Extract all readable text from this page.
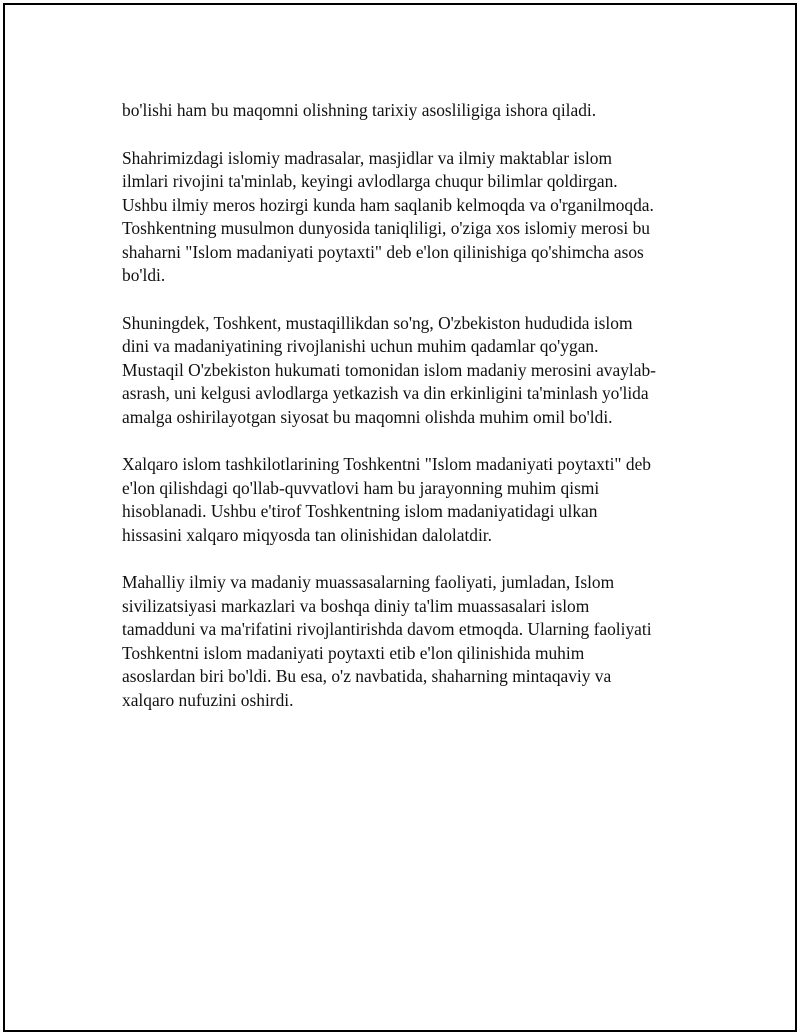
bo'lishi ham bu maqomni olishning tarixiy asosliligiga ishora qiladi.

Shahrimizdagi islomiy madrasalar, masjidlar va ilmiy maktablar islom
ilmlari rivojini ta'minlab, keyingi avlodlarga chuqur bilimlar qoldirgan.
Ushbu ilmiy meros hozirgi kunda ham saqlanib kelmoqda va o'rganilmoqda.
Toshkentning musulmon dunyosida taniqliligi, o'ziga xos islomiy merosi bu
shaharni "Islom madaniyati poytaxti" deb e'lon qilinishiga qo'shimcha asos
bo'ldi.

Shuningdek, Toshkent, mustaqillikdan so'ng, O'zbekiston hududida islom
dini va madaniyatining rivojlanishi uchun muhim qadamlar qo'ygan.
Mustaqil O'zbekiston hukumati tomonidan islom madaniy merosini avaylab-
asrash, uni kelgusi avlodlarga yetkazish va din erkinligini ta'minlash yo'lida
amalga oshirilayotgan siyosat bu maqomni olishda muhim omil bo'ldi.

Xalqaro islom tashkilotlarining Toshkentni "Islom madaniyati poytaxti" deb
e'lon qilishdagi qo'llab-quvvatlovi ham bu jarayonning muhim qismi
hisoblanadi. Ushbu e'tirof Toshkentning islom madaniyatidagi ulkan
hissasini xalqaro miqyosda tan olinishidan dalolatdir.

Mahalliy ilmiy va madaniy muassasalarning faoliyati, jumladan, Islom
sivilizatsiyasi markazlari va boshqa diniy ta'lim muassasalari islom
tamadduni va ma'rifatini rivojlantirishda davom etmoqda. Ularning faoliyati
Toshkentni islom madaniyati poytaxti etib e'lon qilinishida muhim
asoslardan biri bo'ldi. Bu esa, o'z navbatida, shaharning mintaqaviy va
xalqaro nufuzini oshirdi.
